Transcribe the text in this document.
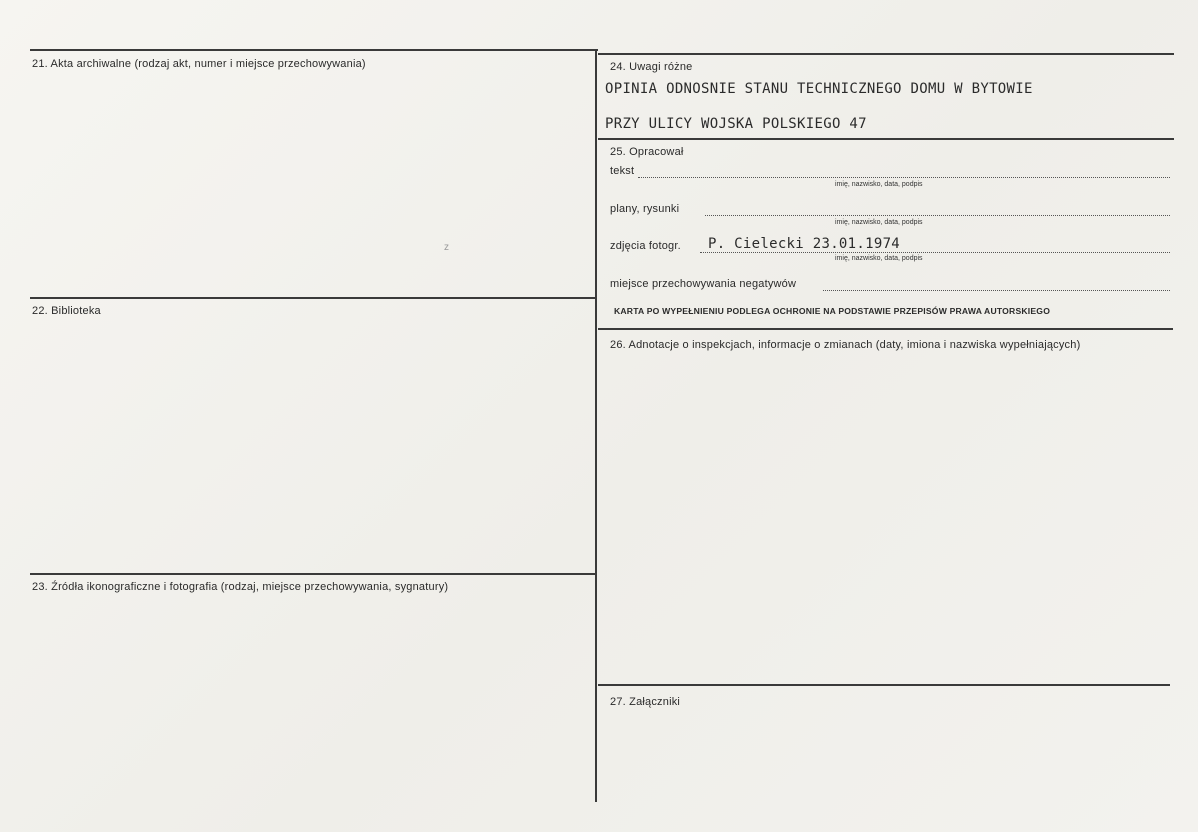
21. Akta archiwalne (rodzaj akt, numer i miejsce przechowywania)
22. Biblioteka
23. Źródła ikonograficzne i fotografia (rodzaj, miejsce przechowywania, sygnatury)
24. Uwagi różne
25. Opracował
26. Adnotacje o inspekcjach, informacje o zmianach (daty, imiona i nazwiska wypełniających)
27. Załączniki
z
OPINIA ODNOSNIE STANU TECHNICZNEGO DOMU W BYTOWIE
PRZY ULICY WOJSKA POLSKIEGO 47
tekst
imię, nazwisko, data, podpis
plany, rysunki
imię, nazwisko, data, podpis
zdjęcia fotogr. P. Cielecki 23.01.1974
imię, nazwisko, data, podpis
miejsce przechowywania negatywów
KARTA PO WYPEŁNIENIU PODLEGA OCHRONIE NA PODSTAWIE PRZEPISÓW PRAWA AUTORSKIEGO
